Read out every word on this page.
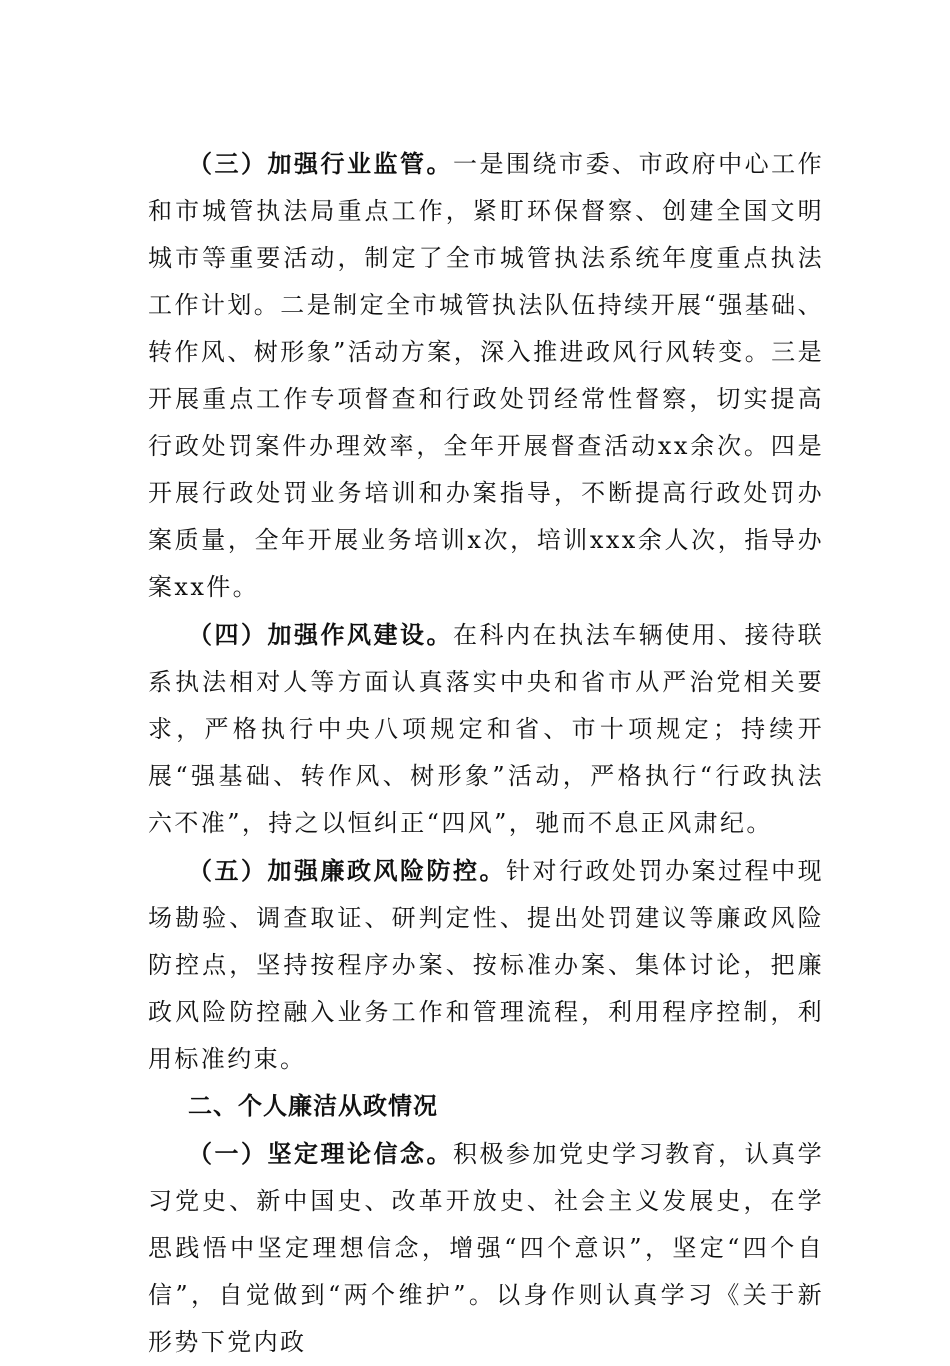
（三）加强行业监管。一是围绕市委、市政府中心工作和市城管执法局重点工作，紧盯环保督察、创建全国文明城市等重要活动，制定了全市城管执法系统年度重点执法工作计划。二是制定全市城管执法队伍持续开展“强基础、转作风、树形象”活动方案，深入推进政风行风转变。三是开展重点工作专项督查和行政处罚经常性督察，切实提高行政处罚案件办理效率，全年开展督查活动xx余次。四是开展行政处罚业务培训和办案指导，不断提高行政处罚办案质量，全年开展业务培训x次，培训xxx余人次，指导办案xx件。

（四）加强作风建设。在科内在执法车辆使用、接待联系执法相对人等方面认真落实中央和省市从严治党相关要求，严格执行中央八项规定和省、市十项规定；持续开展“强基础、转作风、树形象”活动，严格执行“行政执法六不准”，持之以恒纠正“四风”，驰而不息正风肃纪。

（五）加强廉政风险防控。针对行政处罚办案过程中现场勘验、调查取证、研判定性、提出处罚建议等廉政风险防控点，坚持按程序办案、按标准办案、集体讨论，把廉政风险防控融入业务工作和管理流程，利用程序控制，利用标准约束。

二、个人廉洁从政情况

（一）坚定理论信念。积极参加党史学习教育，认真学习党史、新中国史、改革开放史、社会主义发展史，在学思践悟中坚定理想信念，增强“四个意识”，坚定“四个自信”，自觉做到“两个维护”。以身作则认真学习《关于新形势下党内政
